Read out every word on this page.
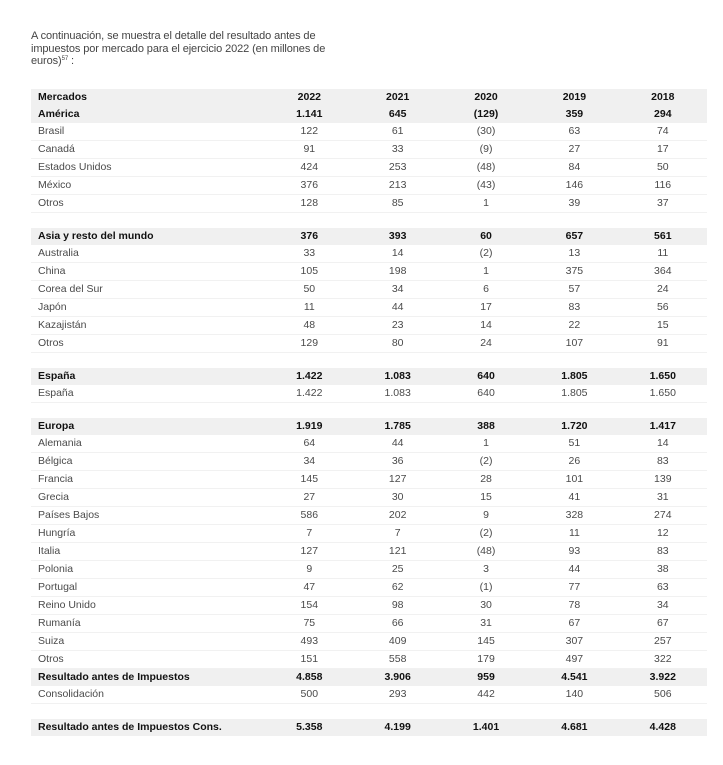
A continuación, se muestra el detalle del resultado antes de impuestos por mercado para el ejercicio 2022 (en millones de euros)$^{57}$ :
Mercados	2022	2021	2020	2019	2018
América	1.141	645	(129)	359	294
Brasil	122	61	(30)	63	74
Canadá	91	33	(9)	27	17
Estados Unidos	424	253	(48)	84	50
México	376	213	(43)	146	116
Otros	128	85	1	39	37

Asia y resto del mundo	376	393	60	657	561
Australia	33	14	(2)	13	11
China	105	198	1	375	364
Corea del Sur	50	34	6	57	24
Japón	11	44	17	83	56
Kazajistán	48	23	14	22	15
Otros	129	80	24	107	91

España	1.422	1.083	640	1.805	1.650
España	1.422	1.083	640	1.805	1.650

Europa	1.919	1.785	388	1.720	1.417
Alemania	64	44	1	51	14
Bélgica	34	36	(2)	26	83
Francia	145	127	28	101	139
Grecia	27	30	15	41	31
Países Bajos	586	202	9	328	274
Hungría	7	7	(2)	11	12
Italia	127	121	(48)	93	83
Polonia	9	25	3	44	38
Portugal	47	62	(1)	77	63
Reino Unido	154	98	30	78	34
Rumanía	75	66	31	67	67
Suiza	493	409	145	307	257
Otros	151	558	179	497	322
Resultado antes de Impuestos	4.858	3.906	959	4.541	3.922
Consolidación	500	293	442	140	506

Resultado antes de Impuestos Cons.	5.358	4.199	1.401	4.681	4.428
